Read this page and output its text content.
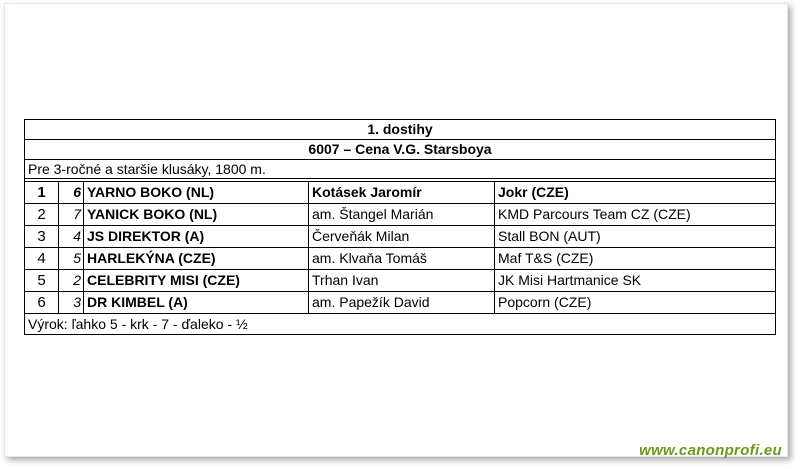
1. dostihy				
6007 – Cena V.G. Starsboya				
Pre 3-ročné a staršie klusáky, 1800 m.				

1	6	YARNO BOKO (NL)	Kotásek Jaromír	Jokr (CZE)
2	7	YANICK BOKO (NL)	am. Štangel Marián	KMD Parcours Team CZ (CZE)
3	4	JS DIREKTOR (A)	Červeňák Milan	Stall BON (AUT)
4	5	HARLEKÝNA (CZE)	am. Klvaňa Tomáš	Maf T&S (CZE)
5	2	CELEBRITY MISI (CZE)	Trhan Ivan	JK Misi Hartmanice SK
6	3	DR KIMBEL (A)	am. Papežík David	Popcorn (CZE)
Výrok: ľahko 5 - krk - 7 - ďaleko - ½				
www.canonprofi.eu
